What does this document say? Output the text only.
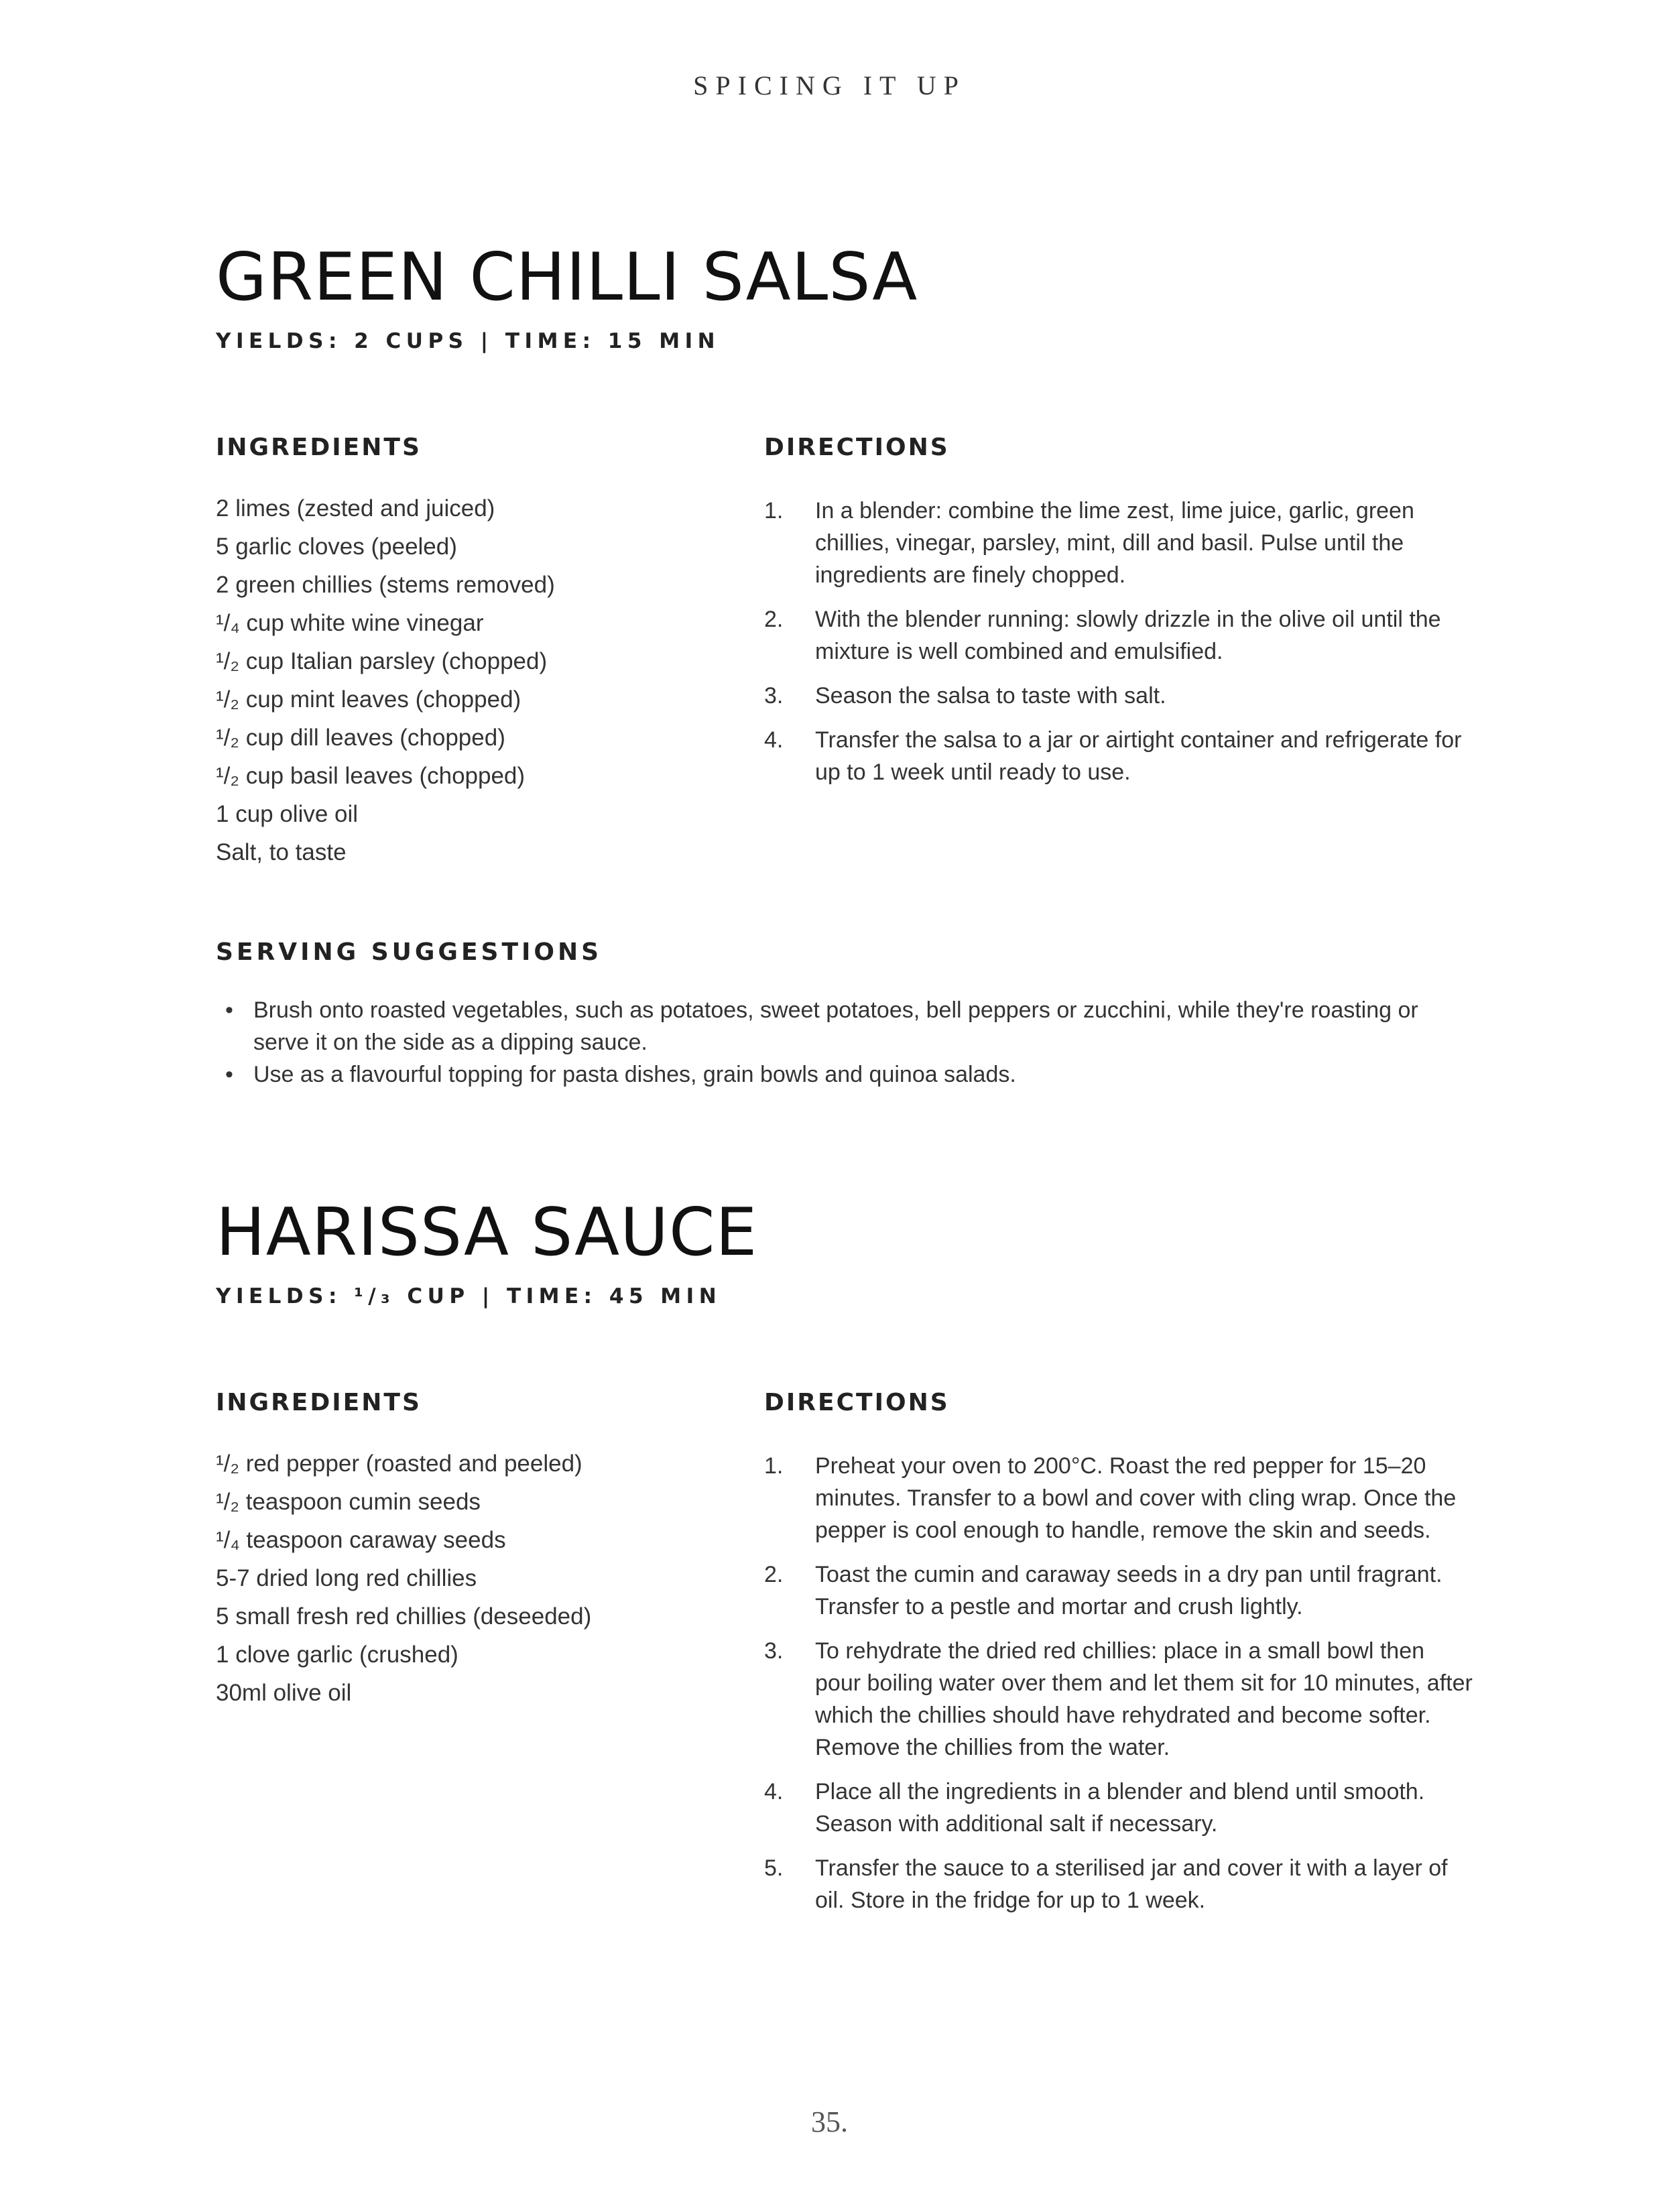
SPICING IT UP
GREEN CHILLI SALSA
YIELDS: 2 CUPS | TIME: 15 MIN
INGREDIENTS
2 limes (zested and juiced)
5 garlic cloves (peeled)
2 green chillies (stems removed)
¹/₄ cup white wine vinegar
¹/₂ cup Italian parsley (chopped)
¹/₂ cup mint leaves (chopped)
¹/₂ cup dill leaves (chopped)
¹/₂ cup basil leaves (chopped)
1 cup olive oil
Salt, to taste
DIRECTIONS
1. In a blender: combine the lime zest, lime juice, garlic, green chillies, vinegar, parsley, mint, dill and basil. Pulse until the ingredients are finely chopped.
2. With the blender running: slowly drizzle in the olive oil until the mixture is well combined and emulsified.
3. Season the salsa to taste with salt.
4. Transfer the salsa to a jar or airtight container and refrigerate for up to 1 week until ready to use.
SERVING SUGGESTIONS
• Brush onto roasted vegetables, such as potatoes, sweet potatoes, bell peppers or zucchini, while they're roasting or serve it on the side as a dipping sauce.
• Use as a flavourful topping for pasta dishes, grain bowls and quinoa salads.
HARISSA SAUCE
YIELDS: ¹/₃ CUP | TIME: 45 MIN
INGREDIENTS
¹/₂ red pepper (roasted and peeled)
¹/₂ teaspoon cumin seeds
¹/₄ teaspoon caraway seeds
5-7 dried long red chillies
5 small fresh red chillies (deseeded)
1 clove garlic (crushed)
30ml olive oil
DIRECTIONS
1. Preheat your oven to 200°C. Roast the red pepper for 15–20 minutes. Transfer to a bowl and cover with cling wrap. Once the pepper is cool enough to handle, remove the skin and seeds.
2. Toast the cumin and caraway seeds in a dry pan until fragrant. Transfer to a pestle and mortar and crush lightly.
3. To rehydrate the dried red chillies: place in a small bowl then pour boiling water over them and let them sit for 10 minutes, after which the chillies should have rehydrated and become softer. Remove the chillies from the water.
4. Place all the ingredients in a blender and blend until smooth. Season with additional salt if necessary.
5. Transfer the sauce to a sterilised jar and cover it with a layer of oil. Store in the fridge for up to 1 week.
35.
